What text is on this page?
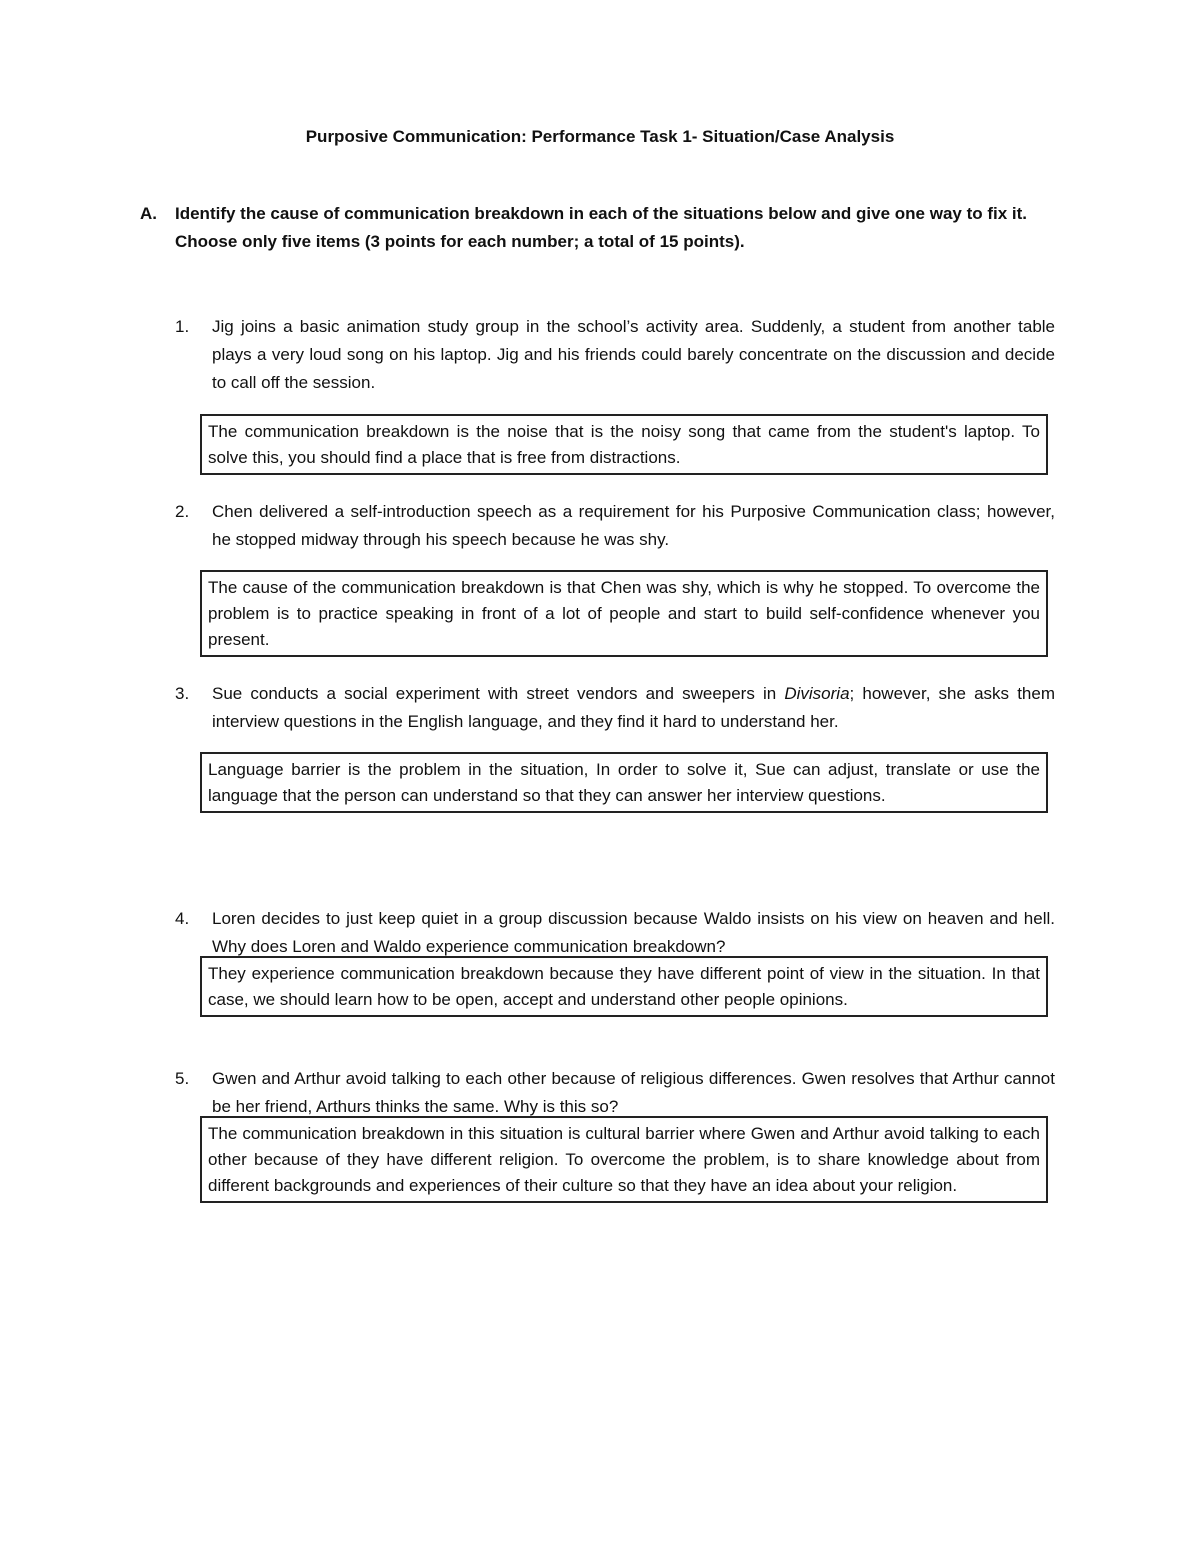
Purposive Communication: Performance Task 1- Situation/Case Analysis
A. Identify the cause of communication breakdown in each of the situations below and give one way to fix it. Choose only five items (3 points for each number; a total of 15 points).
1. Jig joins a basic animation study group in the school’s activity area. Suddenly, a student from another table plays a very loud song on his laptop. Jig and his friends could barely concentrate on the discussion and decide to call off the session.
The communication breakdown is the noise that is the noisy song that came from the student's laptop. To solve this, you should find a place that is free from distractions.
2. Chen delivered a self-introduction speech as a requirement for his Purposive Communication class; however, he stopped midway through his speech because he was shy.
The cause of the communication breakdown is that Chen was shy, which is why he stopped. To overcome the problem is to practice speaking in front of a lot of people and start to build self-confidence whenever you present.
3. Sue conducts a social experiment with street vendors and sweepers in Divisoria; however, she asks them interview questions in the English language, and they find it hard to understand her.
Language barrier is the problem in the situation, In order to solve it, Sue can adjust, translate or use the language that the person can understand so that they can answer her interview questions.
4. Loren decides to just keep quiet in a group discussion because Waldo insists on his view on heaven and hell. Why does Loren and Waldo experience communication breakdown?
They experience communication breakdown because they have different point of view in the situation. In that case, we should learn how to be open, accept and understand other people opinions.
5. Gwen and Arthur avoid talking to each other because of religious differences. Gwen resolves that Arthur cannot be her friend, Arthurs thinks the same. Why is this so?
The communication breakdown in this situation is cultural barrier where Gwen and Arthur avoid talking to each other because of they have different religion. To overcome the problem, is to share knowledge about from different backgrounds and experiences of their culture so that they have an idea about your religion.
